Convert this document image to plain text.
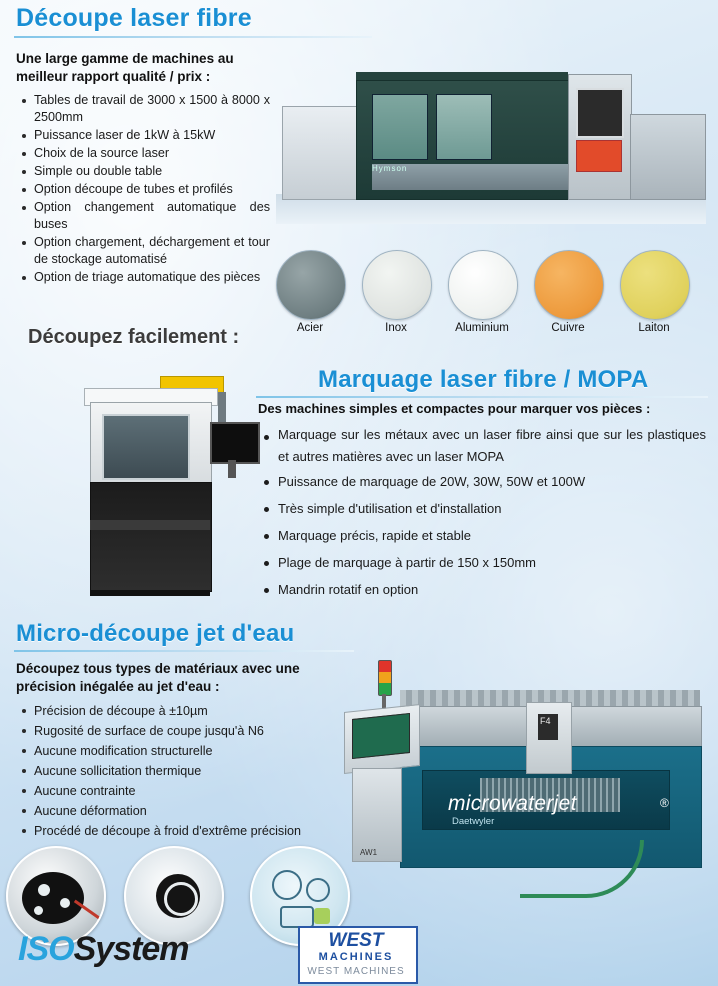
Découpe laser fibre
Une large gamme de machines au meilleur rapport qualité / prix :
Tables de travail de 3000 x 1500 à 8000 x 2500mm
Puissance laser de 1kW à 15kW
Choix de la source laser
Simple ou double table
Option découpe de tubes et profilés
Option changement automatique des buses
Option chargement, déchargement et tour de stockage automatisé
Option de triage automatique des pièces
Hymson
Acier	Inox	Aluminium	Cuivre	Laiton
Découpez facilement :
Marquage laser fibre / MOPA
Des machines simples et compactes pour marquer vos pièces :
Marquage sur les métaux avec un laser fibre ainsi que sur les plastiques et autres matières avec un laser MOPA
Puissance de marquage de 20W, 30W, 50W et 100W
Très simple d'utilisation et d'installation
Marquage précis, rapide et stable
Plage de marquage à partir de 150 x 150mm
Mandrin rotatif en option
Micro-découpe jet d'eau
Découpez tous types de matériaux avec une précision inégalée au jet d'eau :
Précision de découpe à ±10µm
Rugosité de surface de coupe jusqu'à N6
Aucune modification structurelle
Aucune sollicitation thermique
Aucune contrainte
Aucune déformation
Procédé de découpe à froid d'extrême précision
F4
AW1
microwaterjet
Daetwyler
®
ISOSystem	WEST
MACHINES
WEST MACHINES
